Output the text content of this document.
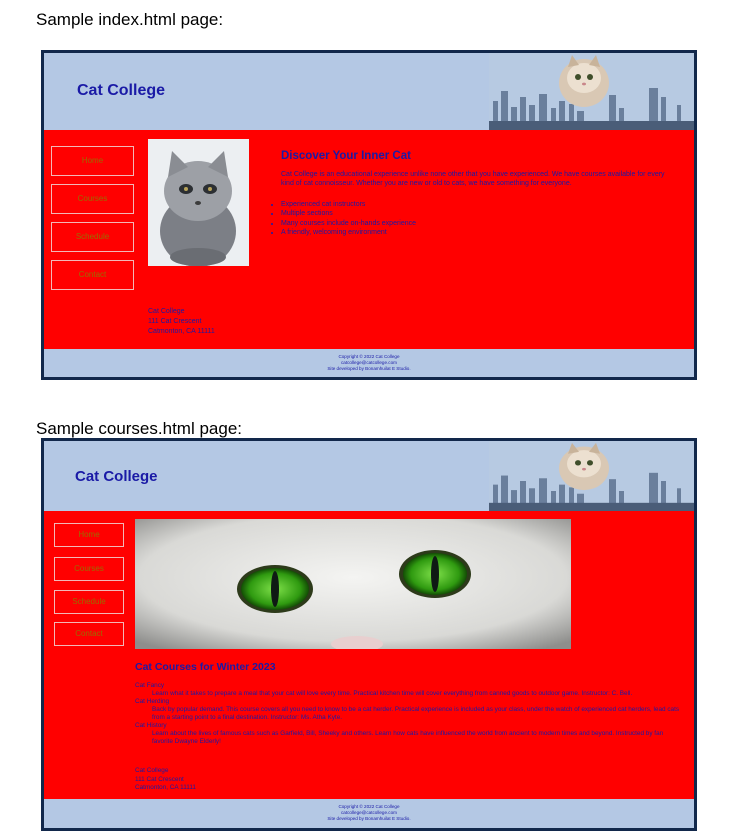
Sample index.html page:
Cat College
Home
Courses
Schedule
Contact
Discover Your Inner Cat

Cat College is an educational experience unlike none other that you have experienced. We have courses available for every kind of cat connoisseur. Whether you are new or old to cats, we have something for everyone.

• Experienced cat instructors
• Multiple sections
• Many courses include on-hands experience
• A friendly, welcoming environment
Cat College
111 Cat Crescent
Catmonton, CA 11111
Copyright © 2022 Cat College
catcollege@catcollege.com
Site developed by Bonamhuilat E Studio.
Sample courses.html page:
Cat College
Home
Courses
Schedule
Contact
Cat Courses for Winter 2023
Cat Fancy
Learn what it takes to prepare a meal that your cat will love every time. Practical kitchen time will cover everything from canned goods to outdoor game. Instructor: C. Bell.
Cat Herding
Back by popular demand. This course covers all you need to know to be a cat herder. Practical experience is included as your class, under the watch of experienced cat herders, lead cats from a starting point to a final destination. Instructor: Ms. Atha Kyte.
Cat History
Learn about the lives of famous cats such as Garfield, Bill, Sheeky and others. Learn how cats have influenced the world from ancient to modern times and beyond. Instructed by fan favorite Dwayne Elderly!
Cat College
111 Cat Crescent
Catmonton, CA 11111
Copyright © 2022 Cat College
catcollege@catcollege.com
Site developed by Bonamhuilat E Studio.
